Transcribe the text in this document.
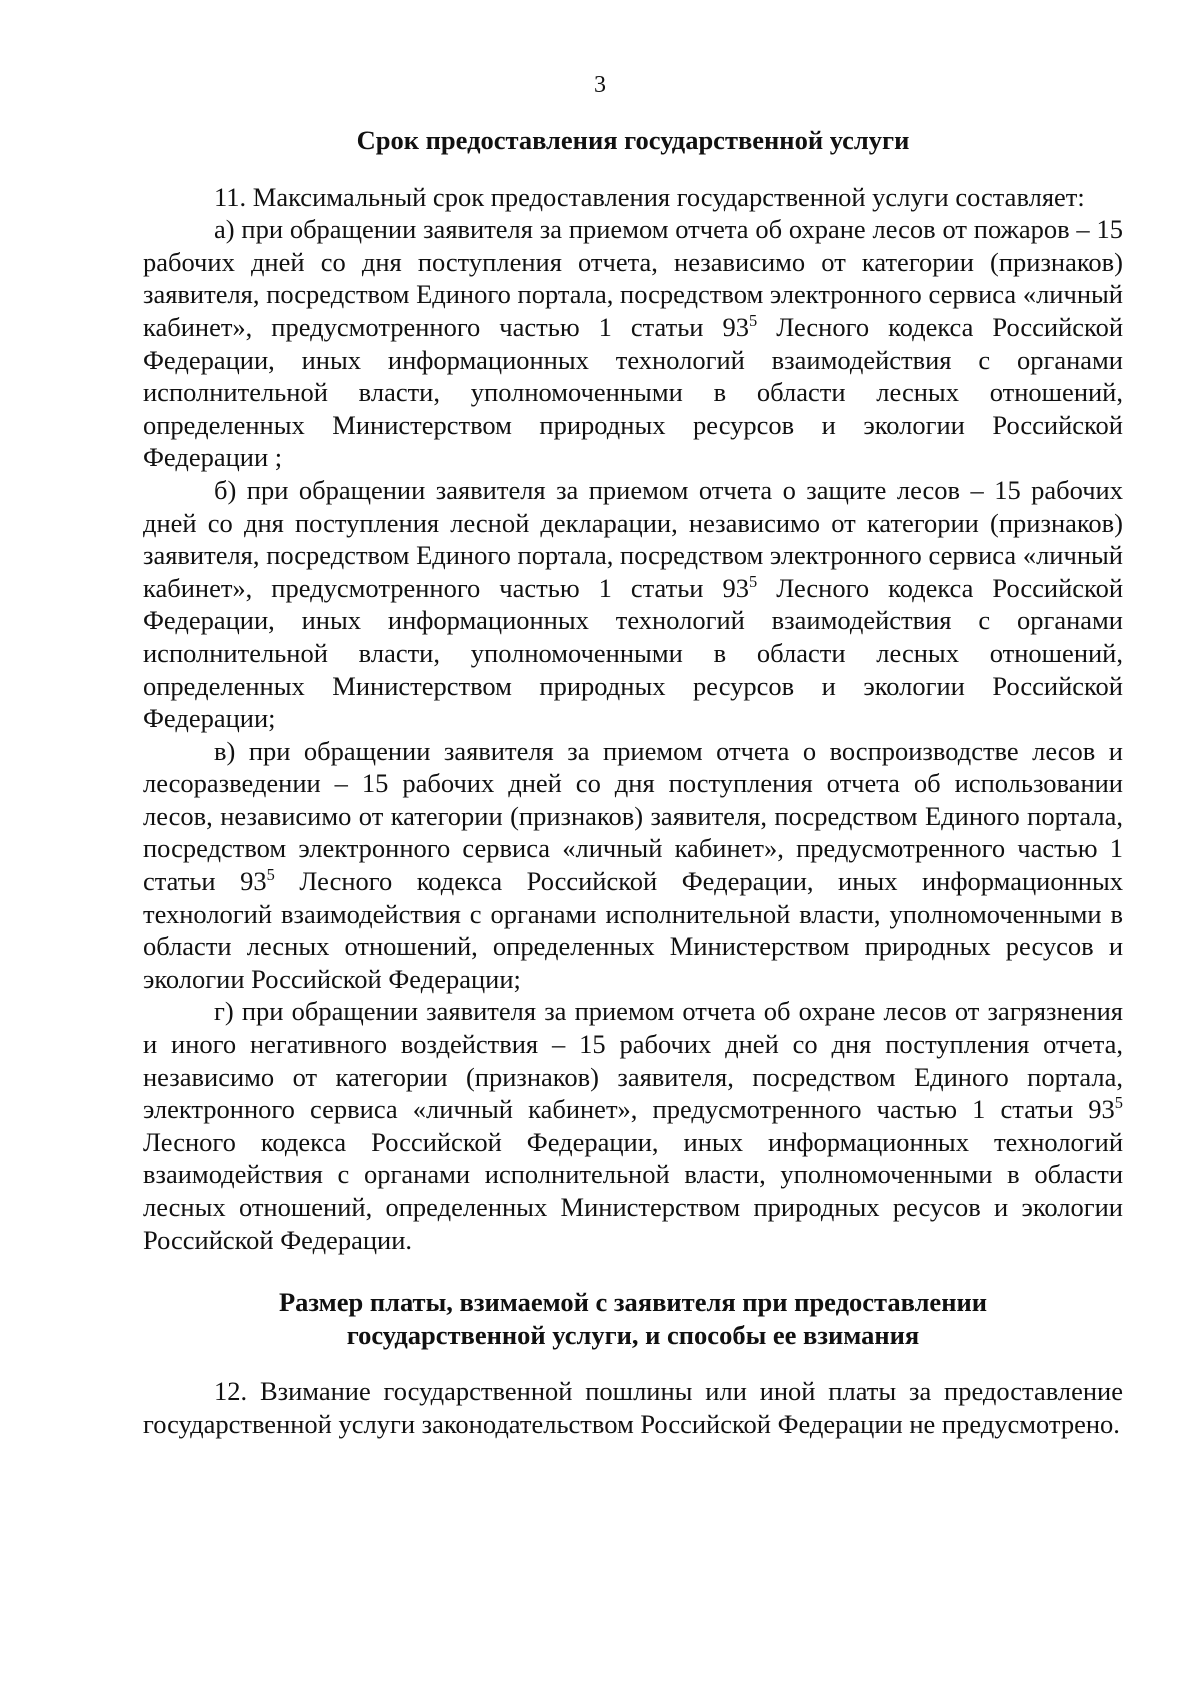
3
Срок предоставления государственной услуги

11. Максимальный срок предоставления государственной услуги составляет:

а) при обращении заявителя за приемом отчета об охране лесов от пожаров – 15 рабочих дней со дня поступления отчета, независимо от категории (признаков) заявителя, посредством Единого портала, посредством электронного сервиса «личный кабинет», предусмотренного частью 1 статьи $93^5$ Лесного кодекса Российской Федерации, иных информационных технологий взаимодействия с органами исполнительной власти, уполномоченными в области лесных отношений, определенных Министерством природных ресурсов и экологии Российской Федерации ;

б) при обращении заявителя за приемом отчета о защите лесов – 15 рабочих дней со дня поступления лесной декларации, независимо от категории (признаков) заявителя, посредством Единого портала, посредством электронного сервиса «личный кабинет», предусмотренного частью 1 статьи $93^5$ Лесного кодекса Российской Федерации, иных информационных технологий взаимодействия с органами исполнительной власти, уполномоченными в области лесных отношений, определенных Министерством природных ресурсов и экологии Российской Федерации;

в) при обращении заявителя за приемом отчета о воспроизводстве лесов и лесоразведении – 15 рабочих дней со дня поступления отчета об использовании лесов, независимо от категории (признаков) заявителя, посредством Единого портала, посредством электронного сервиса «личный кабинет», предусмотренного частью 1 статьи $93^5$ Лесного кодекса Российской Федерации, иных информационных технологий взаимодействия с органами исполнительной власти, уполномоченными в области лесных отношений, определенных Министерством природных ресусов и экологии Российской Федерации;

г) при обращении заявителя за приемом отчета об охране лесов от загрязнения и иного негативного воздействия – 15 рабочих дней со дня поступления отчета, независимо от категории (признаков) заявителя, посредством Единого портала, электронного сервиса «личный кабинет», предусмотренного частью 1 статьи $93^5$ Лесного кодекса Российской Федерации, иных информационных технологий взаимодействия с органами исполнительной власти, уполномоченными в области лесных отношений, определенных Министерством природных ресусов и экологии Российской Федерации.

Размер платы, взимаемой с заявителя при предоставлении
государственной услуги, и способы ее взимания

12. Взимание государственной пошлины или иной платы за предоставление государственной услуги законодательством Российской Федерации не предусмотрено.
